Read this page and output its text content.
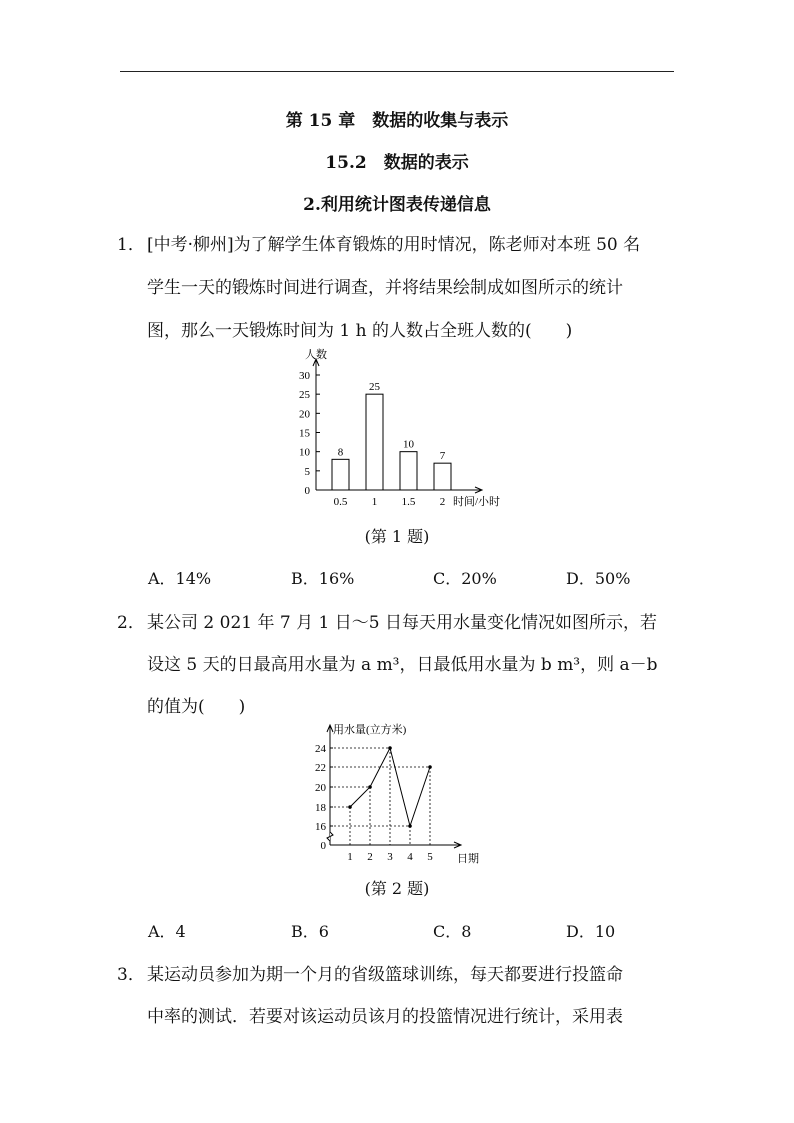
第 15 章　数据的收集与表示
15.2　数据的表示
2.利用统计图表传递信息
1． [中考·柳州]为了解学生体育锻炼的用时情况，陈老师对本班 50 名
学生一天的锻炼时间进行调查，并将结果绘制成如图所示的统计
图，那么一天锻炼时间为 1 h 的人数占全班人数的(　　)
0
5
10
15
20
25
30
人数
8
0.5
25
1
10
1.5
7
2 时间/小时
(第 1 题)
A．14%	B．16%	C．20%	D．50%
2． 某公司 2 021 年 7 月 1 日～5 日每天用水量变化情况如图所示，若
设这 5 天的日最高用水量为 a m³，日最低用水量为 b m³，则 a－b
的值为(　　)
用水量(立方米)
日期
0
16
18
20
22
24
1 2 3 4 5
(第 2 题)
A．4	B．6	C．8	D．10
3． 某运动员参加为期一个月的省级篮球训练，每天都要进行投篮命
中率的测试．若要对该运动员该月的投篮情况进行统计，采用表
